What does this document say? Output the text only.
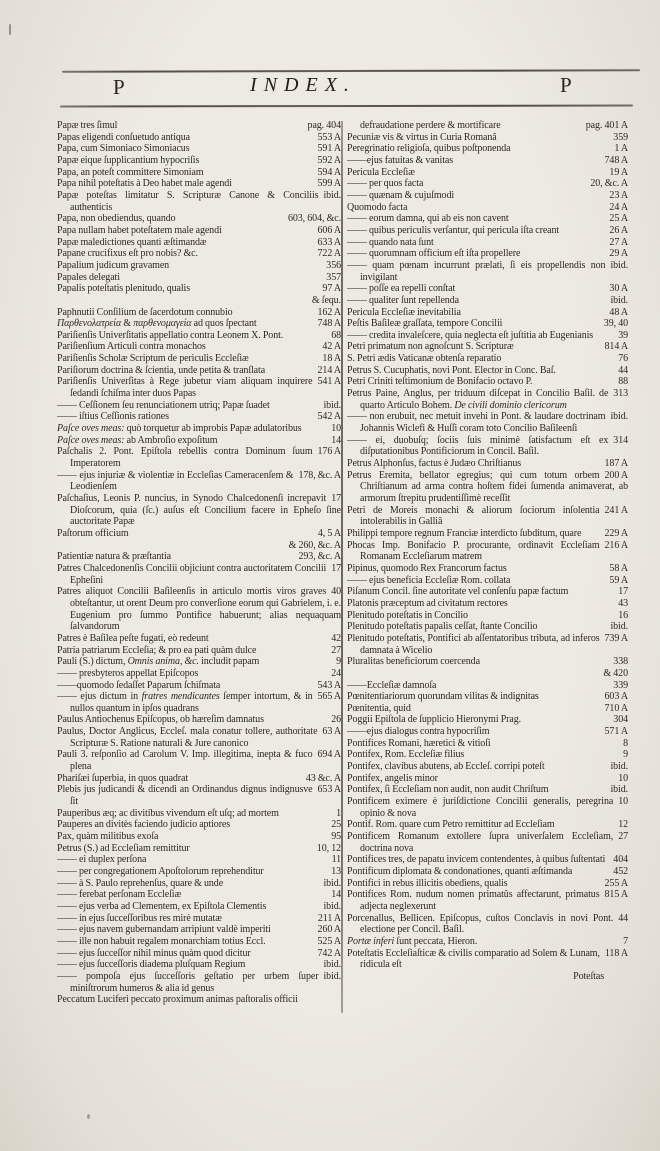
P	INDEX.	P
pag. 404
Papæ tres ſimul
553 A
Papas eligendi conſuetudo antiqua
591 A
Papa, cum Simoniaco Simoniacus
592 A
Papæ eique ſupplicantium hypocriſis
594 A
Papa, an poteſt committere Simoniam
599 A
Papa nihil poteſtatis à Deo habet male agendi
ibid.
Papæ poteſtas limitatur S. Scripturæ Canone & Conciliis authenticis
603, 604, &c.
Papa, non obediendus, quando
606 A
Papa nullam habet poteſtatem male agendi
633 A
Papæ maledictiones quanti æſtimandæ
722 A
Papane crucifixus eſt pro nobis? &c.
356
Papalium judicum gravamen
357
Papales delegati
97 A
Papalis poteſtatis plenitudo, qualis
& ſequ.
162 A
Paphnutii Conſilium de ſacerdotum connubio
748 A
Παρθενολατρεία & παρθενομαγεία ad quos ſpectant
68
Pariſienſis Univerſitatis appellatio contra Leonem X. Pont.
42 A
Pariſienſium Articuli contra monachos
18 A
Pariſienſis Scholæ Scriptum de periculis Eccleſiæ
214 A
Pariſiorum doctrina & ſcientia, unde petita & tranſlata
541 A
Pariſienſis Univerſitas à Rege jubetur viam aliquam inquirere ſedandi ſchiſma inter duos Papas
ibid.
—— Ceſſionem ſeu renunciationem utriq; Papæ ſuadet
542 A
—— iſtius Ceſſionis rationes
10
Paſce oves meas: quò torquetur ab improbis Papæ adulatoribus
14
Paſce oves meas: ab Ambroſio expoſitum
176 A
Paſchalis 2. Pont. Epiſtola rebellis contra Dominum ſuum Imperatorem
178, &c. A
—— ejus injuriæ & violentiæ in Eccleſias Cameracenſem & Leodienſem
17
Paſchaſius, Leonis P. nuncius, in Synodo Chalcedonenſi increpavit Dioſcorum, quia (ſc.) auſus eſt Concilium facere in Epheſo ſine auctoritate Papæ
4, 5 A
Paſtorum officium
& 260, &c. A
293, &c. A
Patientiæ natura & præſtantia
17
Patres Chalcedonenſis Concilii objiciunt contra auctoritatem Concilii Epheſini
40
Patres aliquot Concilii Baſileenſis in articulo mortis viros graves obteſtantur, ut orent Deum pro converſione eorum qui Gabrielem, i. e. Eugenium pro ſummo Pontifice habuerunt; alias nequaquam ſalvandorum
42
Patres è Baſilea peſte fugati, eò redeunt
27
Patria patriarum Eccleſia; & pro ea pati quàm dulce
9
Pauli (S.) dictum, Omnis anima, &c. includit papam
24
—— presbyteros appellat Epiſcopos
543 A
——quomodo ſedaſſet Paparum ſchiſmata
565 A
—— ejus dictum in fratres mendicantes ſemper intortum, & in nullos quantum in ipſos quadrans
26
Paulus Antiochenus Epiſcopus, ob hæreſim damnatus
63 A
Paulus, Doctor Anglicus, Eccleſ. mala conatur tollere, authoritate Scripturæ S. Ratione naturali & Jure canonico
694 A
Pauli 3. reſponſio ad Carolum V. Imp. illegitima, inepta & fuco plena
43 &c. A
Phariſæi ſuperbia, in quos quadrat
653 A
Plebis jus judicandi & dicendi an Ordinandus dignus indignusve ſit
1
Pauperibus æq; ac divitibus vivendum eſt uſq; ad mortem
25
Pauperes an divitès faciendo judicio aptiores
95
Pax, quàm militibus exoſa
10, 12
Petrus (S.) ad Eccleſiam remittitur
11
—— ei duplex perſona
13
—— per congregationem Apoſtolorum reprehenditur
ibid.
—— à S. Paulo reprehenſus, quare & unde
14
—— ferebat perſonam Eccleſiæ
ibid.
—— ejus verba ad Clementem, ex Epiſtola Clementis
211 A
—— in ejus ſucceſſoribus res mirè mutatæ
260 A
—— ejus navem gubernandam arripiunt valdè imperiti
525 A
—— ille non habuit regalem monarchiam totius Eccl.
742 A
—— ejus ſucceſſor nihil minus quàm quod dicitur
ibid.
—— ejus ſucceſſoris diadema pluſquam Regium
ibid.
—— pompoſa ejus ſucceſſoris geſtatio per urbem ſuper miniſtrorum humeros & alia id genus
Peccatum Luciferi peccato proximum animas paſtoralis officii
pag. 401 A
defraudatione perdere & mortificare
359
Pecuniæ vis & virtus in Curia Romanâ
1 A
Peregrinatio religioſa, quibus poſtponenda
748 A
——ejus fatuitas & vanitas
19 A
Pericula Eccleſiæ
20, &c. A
—— per quos facta
23 A
—— quænam & cujuſmodi
24 A
Quomodo facta
25 A
—— eorum damna, qui ab eis non cavent
26 A
—— quibus periculis verſantur, qui pericula iſta creant
27 A
—— quando nata ſunt
29 A
—— quorumnam officium eſt iſta propellere
ibid.
—— quam pœnam incurrunt prælati, ſi eis propellendis non invigilant
30 A
—— poſſe ea repelli conſtat
ibid.
—— qualiter ſunt repellenda
48 A
Pericula Eccleſiæ inevitabilia
39, 40
Peſtis Baſileæ graſſata, tempore Concilii
39
—— credita invaleſcere, quia neglecta eſt juſtitia ab Eugenianis
814 A
Petri primatum non agnoſcunt S. Scripturæ
76
S. Petri ædis Vaticanæ obtenſa reparatio
44
Petrus S. Cucuphatis, novi Pont. Elector in Conc. Baſ.
88
Petri Criniti teſtimonium de Bonifacio octavo P.
313
Petrus Paine, Anglus, per triduum diſcepat in Concilio Baſil. de quarto Articulo Bohem. De civili dominio clericorum
ibid.
—— non erubuit, nec metuit invehi in Pont. & laudare doctrinam Johannis Wiclefi & Huſſi coram toto Concilio Baſileenſi
314
—— ei, duobuſq; ſociis ſuis minimè ſatisfactum eſt ex diſputationibus Pontificiorum in Concil. Baſil.
187 A
Petrus Alphonſus, factus è Judæo Chriſtianus
200 A
Petrus Eremita, bellator egregius; qui cum totum orbem Chriſtianum ad arma contra hoſtem fidei ſumenda animaverat, ab armorum ſtrepitu prudentiſſimè receſſit
241 A
Petri de Moreis monachi & aliorum ſociorum inſolentia intolerabilis in Galliâ
229 A
Philippi tempore regnum Franciæ interdicto ſubditum, quare
216 A
Phocas Imp. Bonifacio P. procurante, ordinavit Eccleſiam Romanam Eccleſiarum matrem
58 A
Pipinus, quomodo Rex Francorum factus
59 A
—— ejus beneficia Eccleſiæ Rom. collata
17
Piſanum Concil. ſine autoritate vel conſenſu papæ factum
43
Platonis præceptum ad civitatum rectores
16
Plenitudo poteſtatis in Concilio
ibid.
Plenitudo poteſtatis papalis ceſſat, ſtante Concilio
739 A
Plenitudo poteſtatis, Pontifici ab aſſentatoribus tributa, ad inferos damnata à Wicelio
338
Pluralitas beneficiorum coercenda
& 420
339
——Eccleſiæ damnoſa
603 A
Pœnitentiariorum quorundam vilitas & indignitas
710 A
Pœnitentia, quid
304
Poggii Epiſtola de ſupplicio Hieronymi Prag.
571 A
——ejus dialogus contra hypocriſim
8
Pontifices Romani, hæretici & vitioſi
9
Pontifex, Rom. Eccleſiæ filius
ibid.
Pontifex, clavibus abutens, ab Eccleſ. corripi poteſt
10
Pontifex, angelis minor
ibid.
Pontifex, ſi Eccleſiam non audit, non audit Chriſtum
10
Pontificem eximere è juriſdictione Concilii generalis, peregrina opinio & nova
12
Pontif. Rom. quare cum Petro remittitur ad Eccleſiam
27
Pontificem Romanum extollere ſupra univerſalem Eccleſiam, doctrina nova
404
Pontifices tres, de papatu invicem contendentes, à quibus ſuſtentati
452
Pontificum diplomata & condonationes, quanti æſtimanda
255 A
Pontifici in rebus illicitis obediens, qualis
815 A
Pontifices Rom. nudum nomen primatûs affectarunt, primatus adjecta neglexerunt
44
Porcenallus, Bellicen. Epiſcopus, cuſtos Conclavis in novi Pont. electione per Concil. Baſil.
7
Portæ inferi ſunt peccata, Hieron.
118 A
Poteſtatis Eccleſiaſticæ & civilis comparatio ad Solem & Lunam, ridicula eſt
Poteſtas
